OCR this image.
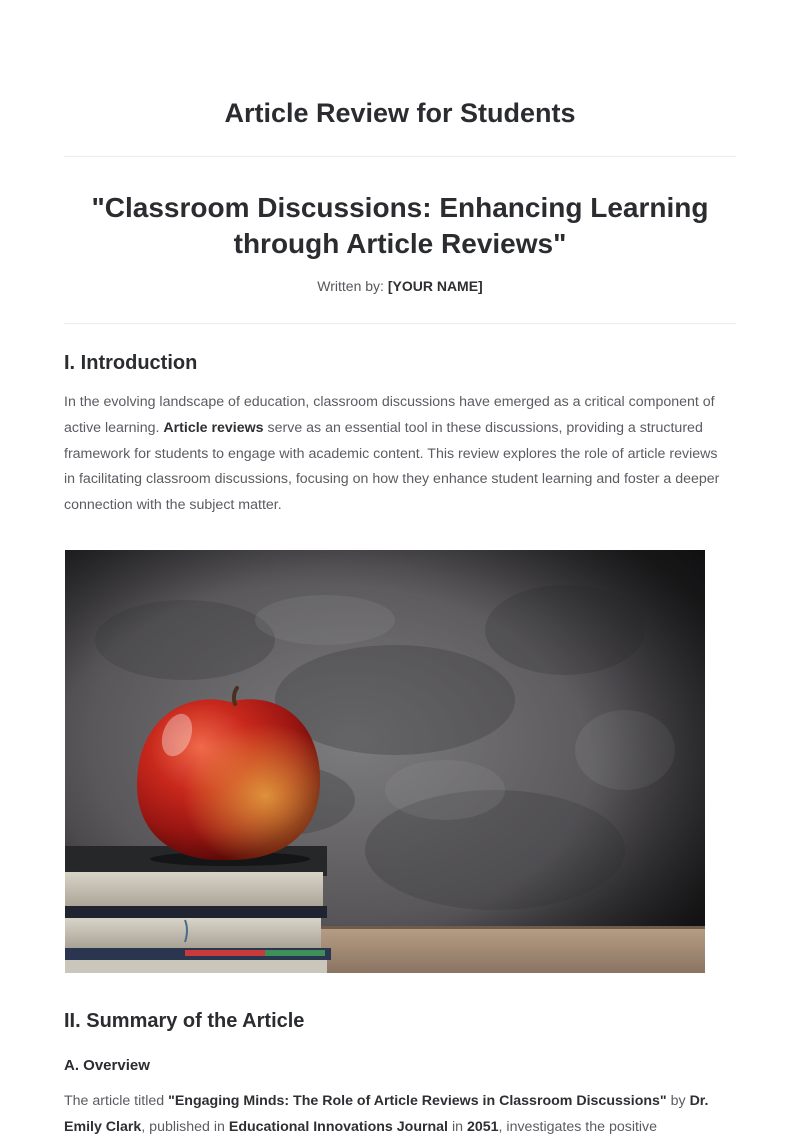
Article Review for Students
"Classroom Discussions: Enhancing Learning
through Article Reviews"
Written by: [YOUR NAME]
I. Introduction

In the evolving landscape of education, classroom discussions have emerged as a critical component of active learning. Article reviews serve as an essential tool in these discussions, providing a structured framework for students to engage with academic content. This review explores the role of article reviews in facilitating classroom discussions, focusing on how they enhance student learning and foster a deeper connection with the subject matter.

II. Summary of the Article
A. Overview

The article titled "Engaging Minds: The Role of Article Reviews in Classroom Discussions" by Dr. Emily Clark, published in Educational Innovations Journal in 2051, investigates the positive
